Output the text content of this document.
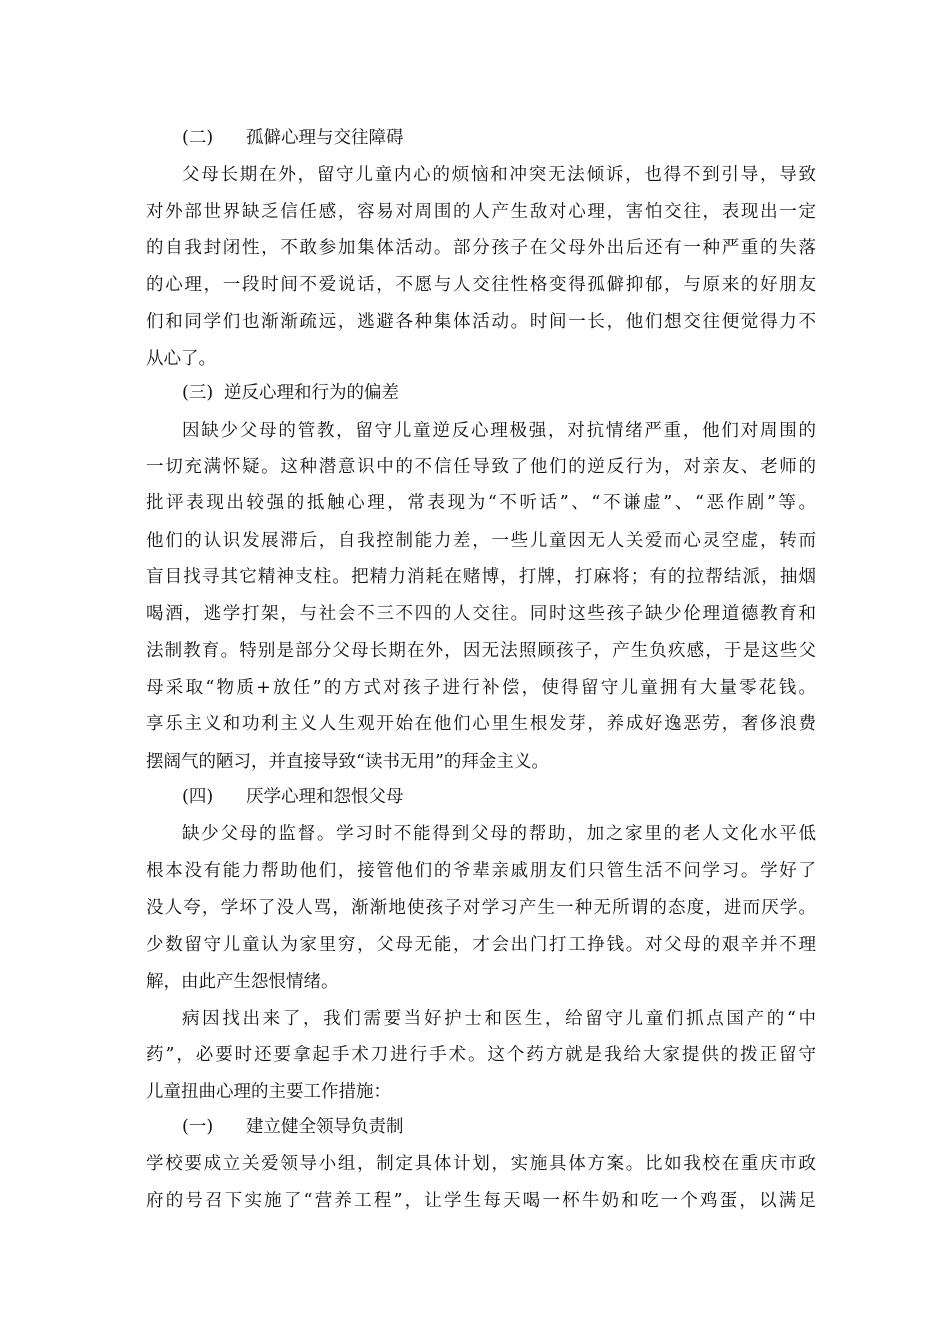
(二) 孤僻心理与交往障碍
父母长期在外，留守儿童内心的烦恼和冲突无法倾诉，也得不到引导，导致
对外部世界缺乏信任感，容易对周围的人产生敌对心理，害怕交往，表现出一定
的自我封闭性，不敢参加集体活动。部分孩子在父母外出后还有一种严重的失落
的心理，一段时间不爱说话，不愿与人交往性格变得孤僻抑郁，与原来的好朋友
们和同学们也渐渐疏远，逃避各种集体活动。时间一长，他们想交往便觉得力不
从心了。
(三) 逆反心理和行为的偏差
因缺少父母的管教，留守儿童逆反心理极强，对抗情绪严重，他们对周围的
一切充满怀疑。这种潜意识中的不信任导致了他们的逆反行为，对亲友、老师的
批评表现出较强的抵触心理，常表现为“不听话”、“不谦虚”、“恶作剧”等。
他们的认识发展滞后，自我控制能力差，一些儿童因无人关爱而心灵空虚，转而
盲目找寻其它精神支柱。把精力消耗在赌博，打牌，打麻将；有的拉帮结派，抽烟
喝酒，逃学打架，与社会不三不四的人交往。同时这些孩子缺少伦理道德教育和
法制教育。特别是部分父母长期在外，因无法照顾孩子，产生负疚感，于是这些父
母采取“物质+放任”的方式对孩子进行补偿，使得留守儿童拥有大量零花钱。
享乐主义和功利主义人生观开始在他们心里生根发芽，养成好逸恶劳，奢侈浪费
摆阔气的陋习，并直接导致“读书无用”的拜金主义。
(四) 厌学心理和怨恨父母
缺少父母的监督。学习时不能得到父母的帮助，加之家里的老人文化水平低
根本没有能力帮助他们，接管他们的爷辈亲戚朋友们只管生活不问学习。学好了
没人夸，学坏了没人骂，渐渐地使孩子对学习产生一种无所谓的态度，进而厌学。
少数留守儿童认为家里穷，父母无能，才会出门打工挣钱。对父母的艰辛并不理
解，由此产生怨恨情绪。
病因找出来了，我们需要当好护士和医生，给留守儿童们抓点国产的“中
药”，必要时还要拿起手术刀进行手术。这个药方就是我给大家提供的拨正留守
儿童扭曲心理的主要工作措施：
(一) 建立健全领导负责制
学校要成立关爱领导小组，制定具体计划，实施具体方案。比如我校在重庆市政
府的号召下实施了“营养工程”，让学生每天喝一杯牛奶和吃一个鸡蛋，以满足
